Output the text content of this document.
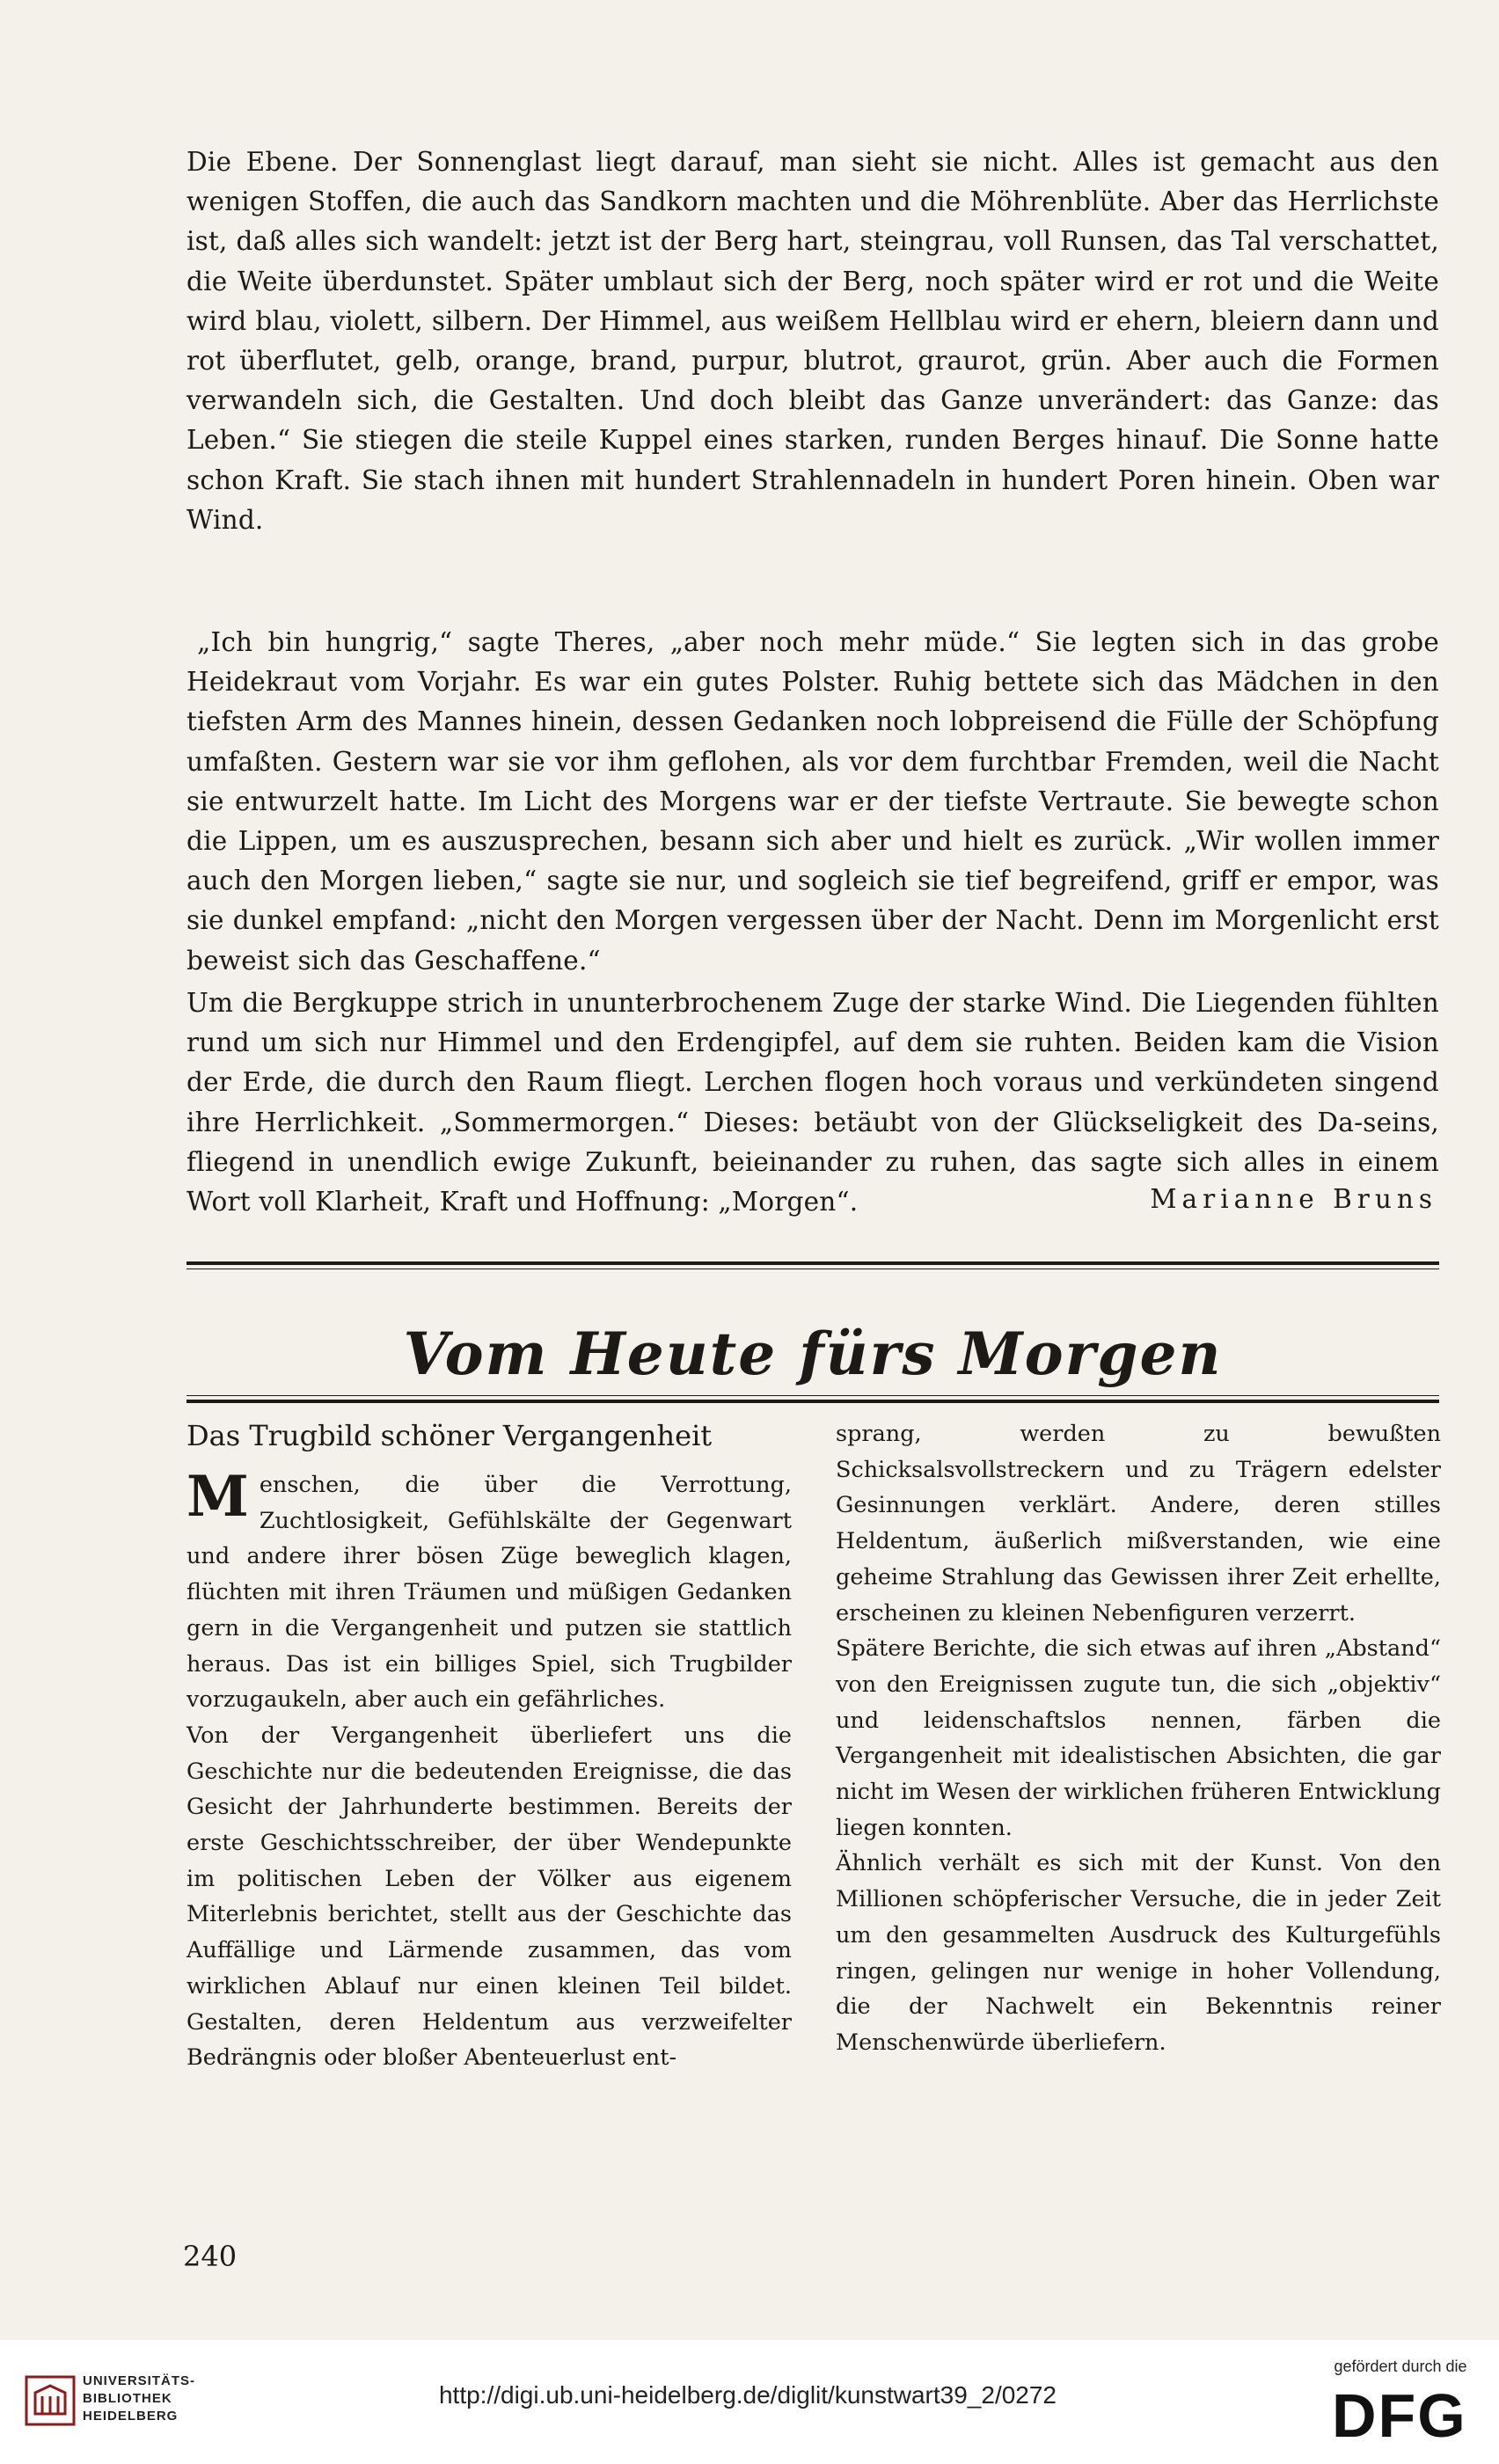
Die Ebene. Der Sonnenglast liegt darauf, man sieht sie nicht. Alles ist gemacht aus den wenigen Stoffen, die auch das Sandkorn machten und die Möhrenblüte. Aber das Herrlichste ist, daß alles sich wandelt: jetzt ist der Berg hart, steingrau, voll Runsen, das Tal verschattet, die Weite überdunstet. Später umblaut sich der Berg, noch später wird er rot und die Weite wird blau, violett, silbern. Der Himmel, aus weißem Hellblau wird er ehern, bleiern dann und rot überflutet, gelb, orange, brand, purpur, blutrot, graurot, grün. Aber auch die Formen verwandeln sich, die Gestalten. Und doch bleibt das Ganze unverändert: das Ganze: das Leben.“ Sie stiegen die steile Kuppel eines starken, runden Berges hinauf. Die Sonne hatte schon Kraft. Sie stach ihnen mit hundert Strahlennadeln in hundert Poren hinein. Oben war Wind.

„Ich bin hungrig,“ sagte Theres, „aber noch mehr müde.“ Sie legten sich in das grobe Heidekraut vom Vorjahr. Es war ein gutes Polster. Ruhig bettete sich das Mädchen in den tiefsten Arm des Mannes hinein, dessen Gedanken noch lobpreisend die Fülle der Schöpfung umfaßten. Gestern war sie vor ihm geflohen, als vor dem furchtbar Fremden, weil die Nacht sie entwurzelt hatte. Im Licht des Morgens war er der tiefste Vertraute. Sie bewegte schon die Lippen, um es auszusprechen, besann sich aber und hielt es zurück. „Wir wollen immer auch den Morgen lieben,“ sagte sie nur, und sogleich sie tief begreifend, griff er empor, was sie dunkel empfand: „nicht den Morgen vergessen über der Nacht. Denn im Morgenlicht erst beweist sich das Geschaffene.“

Um die Bergkuppe strich in ununterbrochenem Zuge der starke Wind. Die Liegenden fühlten rund um sich nur Himmel und den Erdengipfel, auf dem sie ruhten. Beiden kam die Vision der Erde, die durch den Raum fliegt. Lerchen flogen hoch voraus und verkündeten singend ihre Herrlichkeit. „Sommermorgen.“ Dieses: betäubt von der Glückseligkeit des Da-seins, fliegend in unendlich ewige Zukunft, beieinander zu ruhen, das sagte sich alles in einem Wort voll Klarheit, Kraft und Hoffnung: „Morgen“.	Marianne Bruns
Vom Heute fürs Morgen
Das Trugbild schöner Vergangenheit

Menschen, die über die Verrottung, Zuchtlosigkeit, Gefühlskälte der Gegenwart und andere ihrer bösen Züge beweglich klagen, flüchten mit ihren Träumen und müßigen Gedanken gern in die Vergangenheit und putzen sie stattlich heraus. Das ist ein billiges Spiel, sich Trugbilder vorzugaukeln, aber auch ein gefährliches.

Von der Vergangenheit überliefert uns die Geschichte nur die bedeutenden Ereignisse, die das Gesicht der Jahrhunderte bestimmen. Bereits der erste Geschichtsschreiber, der über Wendepunkte im politischen Leben der Völker aus eigenem Miterlebnis berichtet, stellt aus der Geschichte das Auffällige und Lärmende zusammen, das vom wirklichen Ablauf nur einen kleinen Teil bildet. Gestalten, deren Heldentum aus verzweifelter Bedrängnis oder bloßer Abenteuerlust ent-

sprang, werden zu bewußten Schicksalsvollstreckern und zu Trägern edelster Gesinnungen verklärt. Andere, deren stilles Heldentum, äußerlich mißverstanden, wie eine geheime Strahlung das Gewissen ihrer Zeit erhellte, erscheinen zu kleinen Nebenfiguren verzerrt.

Spätere Berichte, die sich etwas auf ihren „Abstand“ von den Ereignissen zugute tun, die sich „objektiv“ und leidenschaftslos nennen, färben die Vergangenheit mit idealistischen Absichten, die gar nicht im Wesen der wirklichen früheren Entwicklung liegen konnten.

Ähnlich verhält es sich mit der Kunst. Von den Millionen schöpferischer Versuche, die in jeder Zeit um den gesammelten Ausdruck des Kulturgefühls ringen, gelingen nur wenige in hoher Vollendung, die der Nachwelt ein Bekenntnis reiner Menschenwürde überliefern.

240
UNIVERSITÄTS-
BIBLIOTHEK
HEIDELBERG
http://digi.ub.uni-heidelberg.de/diglit/kunstwart39_2/0272
gefördert durch die
DFG
